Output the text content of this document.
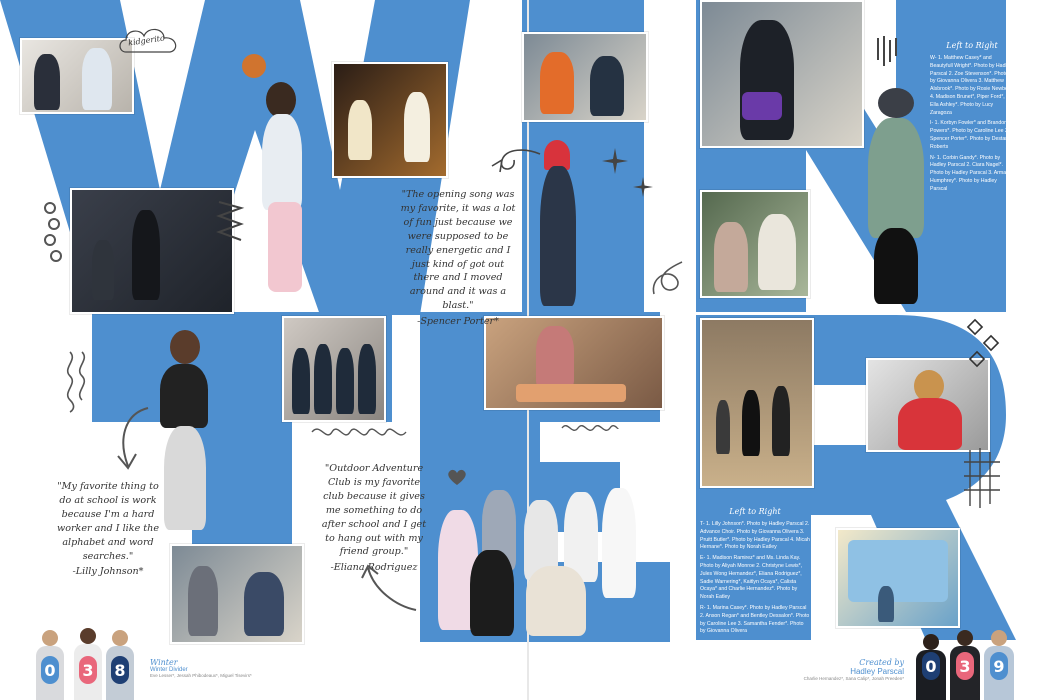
"The opening song was my favorite, it was a lot of fun just because we were supposed to be really energetic and I just kind of got out there and I moved around and it was a blast."
-Spencer Porter*
"My favorite thing to do at school is work because I'm a hard worker and I like the alphabet and word searches."
-Lilly Johnson*
"Outdoor Adventure Club is my favorite club because it gives me something to do after school and I get to hang out with my friend group."
-Eliana Rodriguez
Left to Right

W- 1. Matthew Casey* and Beautyfull Wright*. Photo by Hadley Parscal 2. Zoe Stevenson*. Photo by Giovanna Olivera 3. Matthew Alsbrook*. Photo by Rosie Newberry 4. Madison Brunet*, Piper Ford*, Ella Ashley*. Photo by Lucy Zaragoza

I- 1. Korbyn Fowler* and Brandon Powers*. Photo by Caroline Lee 2. Spencer Porter*. Photo by Destan Roberts

N- 1. Corbin Gandy*. Photo by Hadley Parscal 2. Ciara Nagel*. Photo by Hadley Parscal 3. Armani Humphrey*. Photo by Hadley Parscal

Left to Right

T- 1. Lilly Johnson*. Photo by Hadley Parscal 2. Advance Choir. Photo by Giovanna Olivera 3. Pruitt Butler*. Photo by Hadley Parscal 4. Micah Hernane*. Photo by Norah Eatley

E- 1. Madison Ramirez* and Ms. Linda Kay. Photo by Aliyah Monroe 2. Christyne Lewis*, Jules Wong Hernandez*, Eliana Rodriguez*, Sadie Warnering*, Kaitlyn Ocaya*, Calista Ocaya* and Charlie Hernandez*. Photo by Norah Eatley

R- 1. Marina Casey*. Photo by Hadley Parscal 2. Anson Regan* and Bentley Dessalon*. Photo by Caroline Lee 3. Samantha Fender*. Photo by Giovanna Olivera

kidgerito
0 3 8	Winter
Winter Divider
Eve Lesser*, Jessah Phibodeaux*, Miguel Tisevirs*
Created by
Hadley Parscal
Charlie Hernandez*, Sana Calip*, Jonah Preeden*
0 3 9
